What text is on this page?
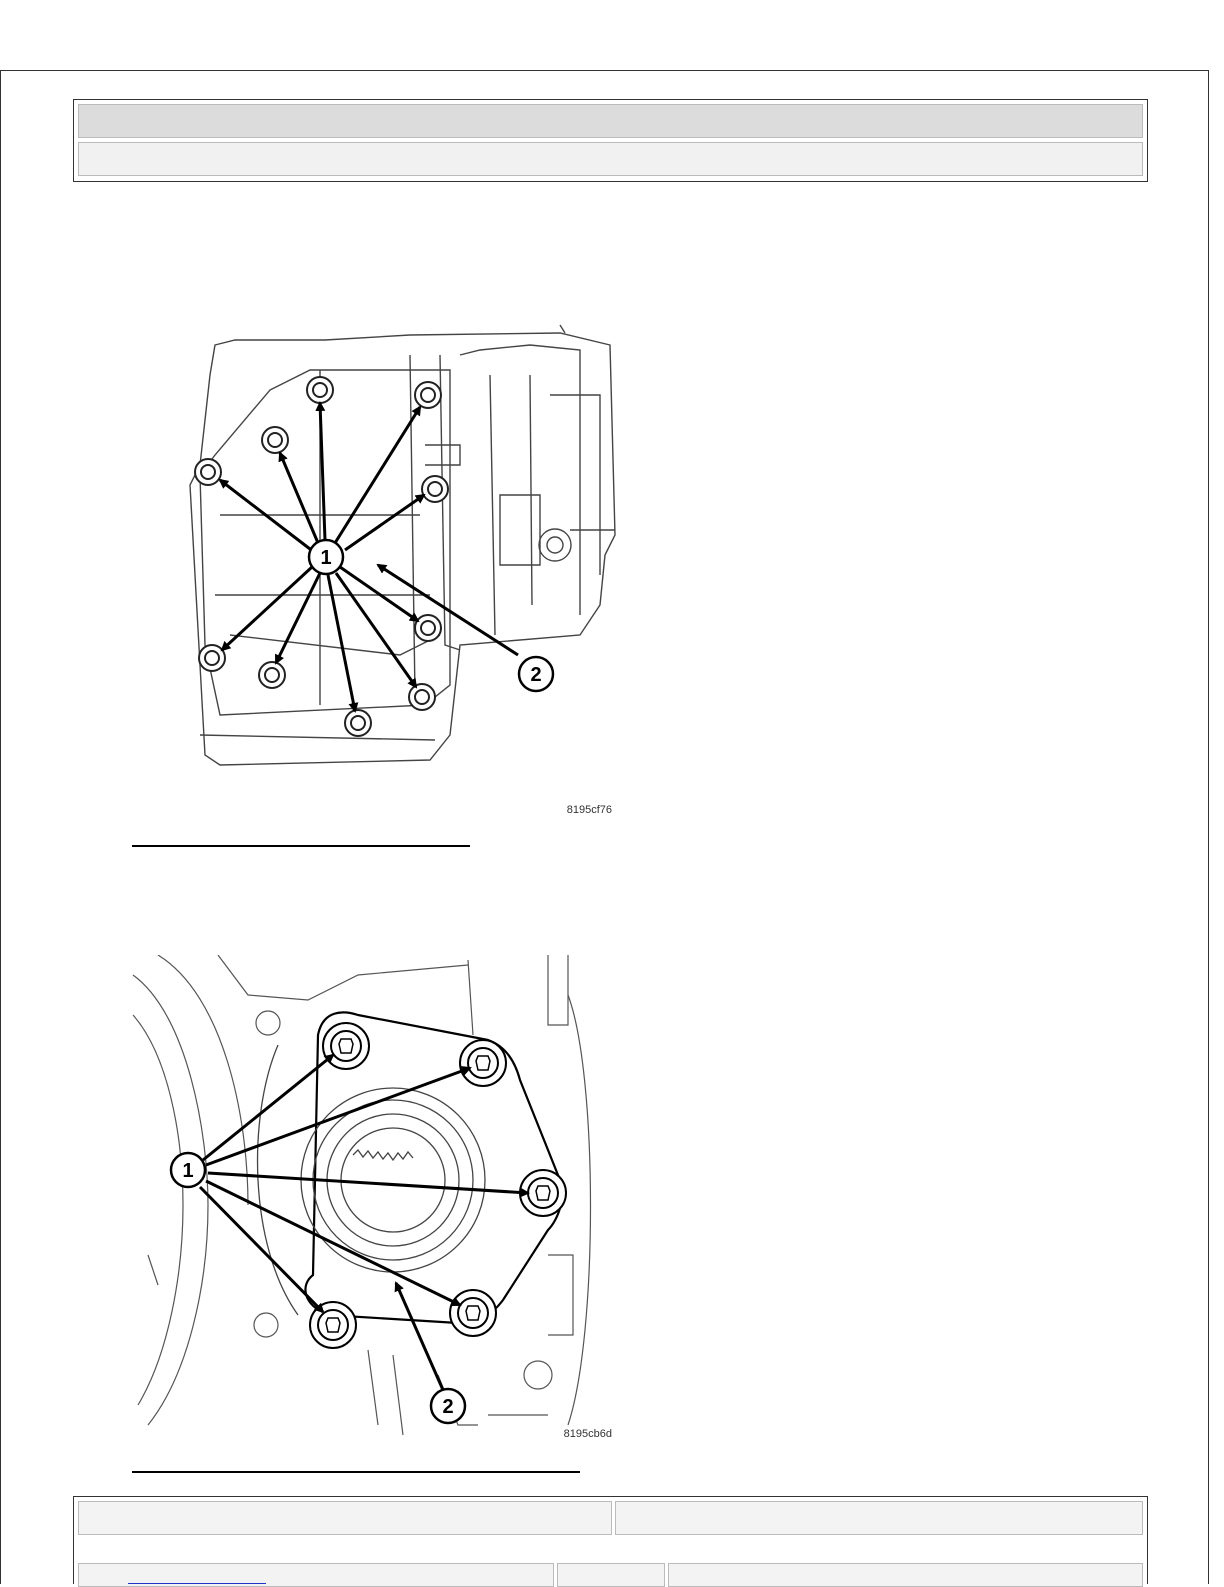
1
2
8195cf76
1
2
8195cb6d
